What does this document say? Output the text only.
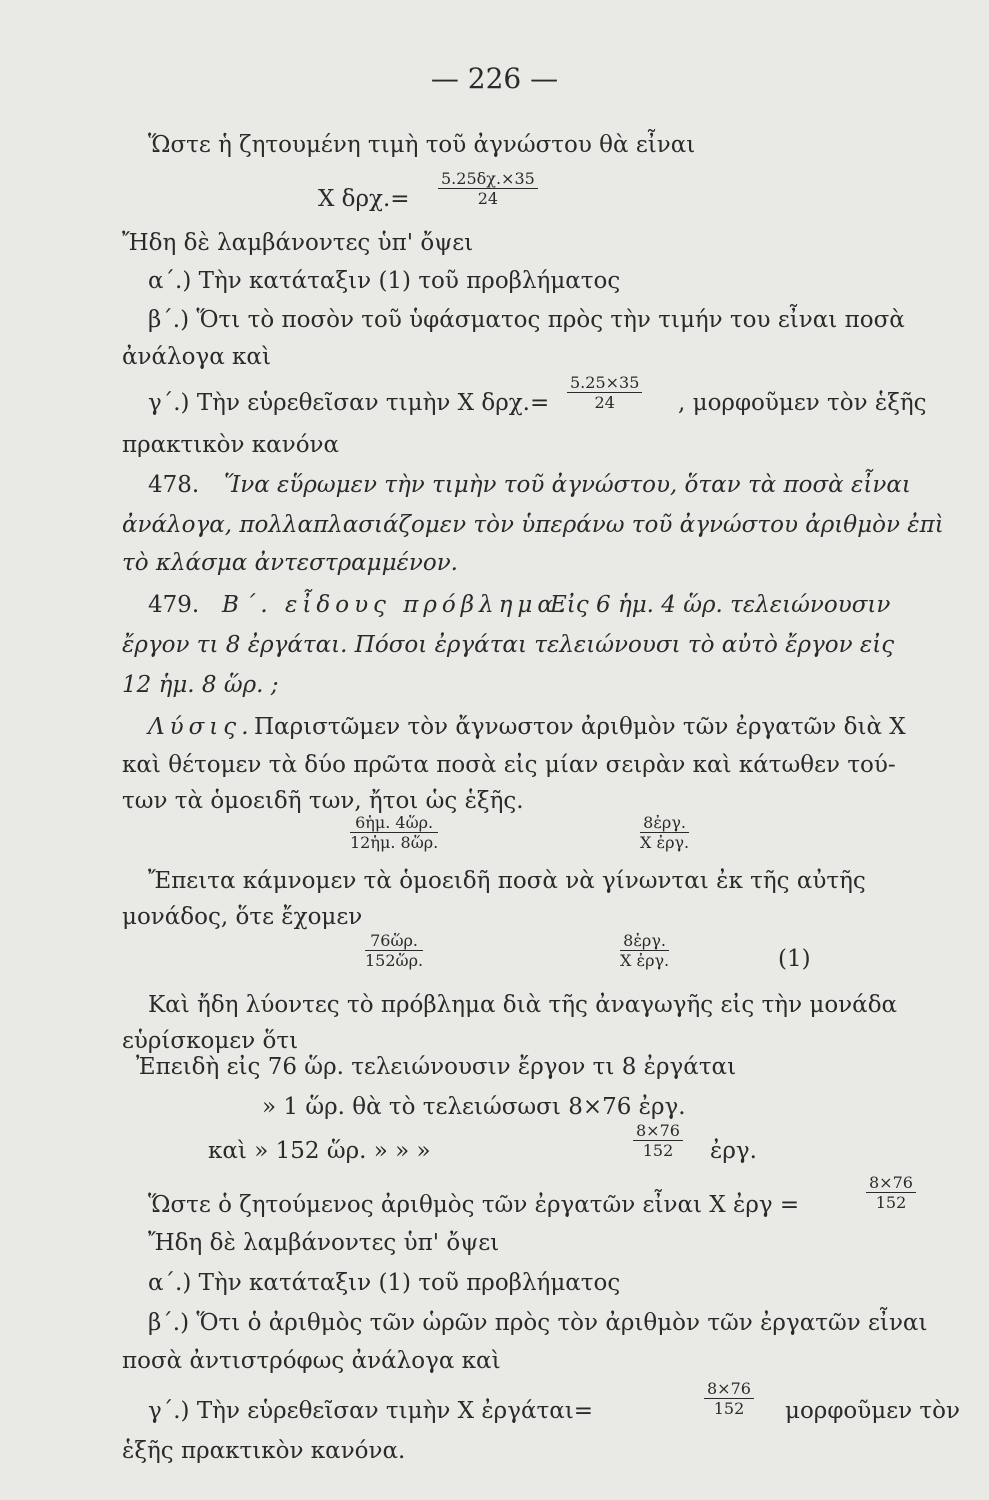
— 226 —
Ὥστε ἡ ζητουμένη τιμὴ τοῦ ἀγνώστου θὰ εἶναι
Χ δρχ.=
5.25δχ.×35
24
Ἤδη δὲ λαμβάνοντες ὑπ' ὄψει
α΄.) Τὴν κατάταξιν (1) τοῦ προβλήματος
β΄.) Ὅτι τὸ ποσὸν τοῦ ὑφάσματος πρὸς τὴν τιμήν του εἶναι ποσὰ
ἀνάλογα καὶ
γ΄.) Τὴν εὑρεθεῖσαν τιμὴν Χ δρχ.=
5.25×35
24	, μορφοῦμεν τὸν ἑξῆς
πρακτικὸν κανόνα
478. Ἵνα εὕρωμεν τὴν τιμὴν τοῦ ἀγνώστου, ὅταν τὰ ποσὰ εἶναι
ἀνάλογα, πολλαπλασιάζομεν τὸν ὑπεράνω τοῦ ἀγνώστου ἀριθμὸν ἐπὶ
τὸ κλάσμα ἀντεστραμμένον.
479. Β΄. εἶδους πρόβλημα.
Εἰς 6 ἡμ. 4 ὥρ. τελειώνουσιν
ἔργον τι 8 ἐργάται. Πόσοι ἐργάται τελειώνουσι τὸ αὐτὸ ἔργον εἰς
12 ἡμ. 8 ὥρ. ;
Λύσις. Παριστῶμεν τὸν ἄγνωστον ἀριθμὸν τῶν ἐργατῶν διὰ Χ
καὶ θέτομεν τὰ δύο πρῶτα ποσὰ εἰς μίαν σειρὰν καὶ κάτωθεν τού-
των τὰ ὁμοειδῆ των, ἤτοι ὡς ἑξῆς.
6ἡμ. 4ὥρ.
12ἡμ. 8ὥρ.
8ἐργ.
Χ ἐργ.
Ἔπειτα κάμνομεν τὰ ὁμοειδῆ ποσὰ νὰ γίνωνται ἐκ τῆς αὐτῆς
μονάδος, ὅτε ἔχομεν
76ὥρ.
152ὥρ.
8ἐργ.
Χ ἐργ.	(1)
Καὶ ἤδη λύοντες τὸ πρόβλημα διὰ τῆς ἀναγωγῆς εἰς τὴν μονάδα
εὑρίσκομεν ὅτι
Ἐπειδὴ εἰς 76 ὥρ. τελειώνουσιν ἔργον τι 8 ἐργάται
» 1 ὥρ. θὰ τὸ τελειώσωσι 8×76 ἐργ.
καὶ » 152 ὥρ. » » »
8×76
152	ἐργ.
Ὥστε ὁ ζητούμενος ἀριθμὸς τῶν ἐργατῶν εἶναι Χ ἐργ =
8×76
152
Ἤδη δὲ λαμβάνοντες ὑπ' ὄψει
α΄.) Τὴν κατάταξιν (1) τοῦ προβλήματος
β΄.) Ὅτι ὁ ἀριθμὸς τῶν ὡρῶν πρὸς τὸν ἀριθμὸν τῶν ἐργατῶν εἶναι
ποσὰ ἀντιστρόφως ἀνάλογα καὶ
γ΄.) Τὴν εὑρεθεῖσαν τιμὴν Χ ἐργάται=
8×76
152	μορφοῦμεν τὸν
ἑξῆς πρακτικὸν κανόνα.
